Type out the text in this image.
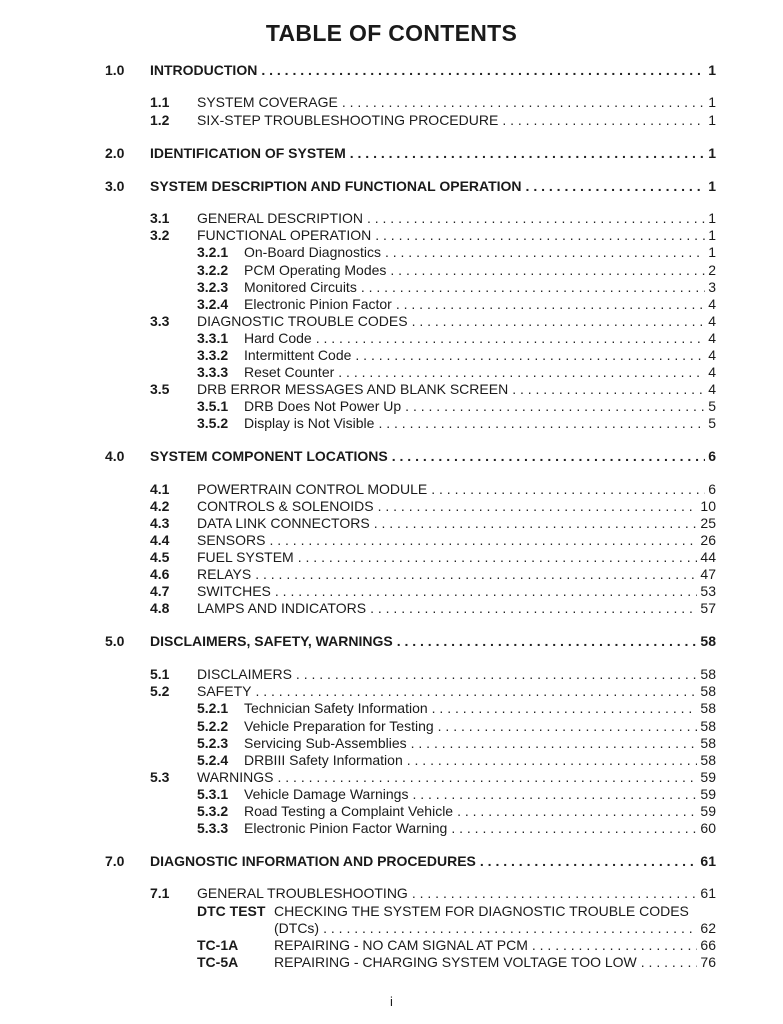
TABLE OF CONTENTS
1.0 INTRODUCTION . . .	1
1.1 SYSTEM COVERAGE . . .	1
1.2 SIX-STEP TROUBLESHOOTING PROCEDURE . . .	1
2.0 IDENTIFICATION OF SYSTEM . . .	1
3.0 SYSTEM DESCRIPTION AND FUNCTIONAL OPERATION . . .	1
3.1 GENERAL DESCRIPTION . . .	1
3.2 FUNCTIONAL OPERATION . . .	1
3.2.1 On-Board Diagnostics . . .	1
3.2.2 PCM Operating Modes . . .	2
3.2.3 Monitored Circuits . . .	3
3.2.4 Electronic Pinion Factor . . .	4
3.3 DIAGNOSTIC TROUBLE CODES . . .	4
3.3.1 Hard Code . . .	4
3.3.2 Intermittent Code . . .	4
3.3.3 Reset Counter . . .	4
3.5 DRB ERROR MESSAGES AND BLANK SCREEN . . .	4
3.5.1 DRB Does Not Power Up . . .	5
3.5.2 Display is Not Visible . . .	5
4.0 SYSTEM COMPONENT LOCATIONS . . .	6
4.1 POWERTRAIN CONTROL MODULE . . .	6
4.2 CONTROLS & SOLENOIDS . . .	10
4.3 DATA LINK CONNECTORS . . .	25
4.4 SENSORS . . .	26
4.5 FUEL SYSTEM . . .	44
4.6 RELAYS . . .	47
4.7 SWITCHES . . .	53
4.8 LAMPS AND INDICATORS . . .	57
5.0 DISCLAIMERS, SAFETY, WARNINGS . . .	58
5.1 DISCLAIMERS . . .	58
5.2 SAFETY . . .	58
5.2.1 Technician Safety Information . . .	58
5.2.2 Vehicle Preparation for Testing . . .	58
5.2.3 Servicing Sub-Assemblies . . .	58
5.2.4 DRBIII Safety Information . . .	58
5.3 WARNINGS . . .	59
5.3.1 Vehicle Damage Warnings . . .	59
5.3.2 Road Testing a Complaint Vehicle . . .	59
5.3.3 Electronic Pinion Factor Warning . . .	60
7.0 DIAGNOSTIC INFORMATION AND PROCEDURES . . .	61
7.1 GENERAL TROUBLESHOOTING . . .	61
DTC TEST CHECKING THE SYSTEM FOR DIAGNOSTIC TROUBLE CODES
(DTCs) . . .	62
TC-1A	REPAIRING - NO CAM SIGNAL AT PCM . . .	66
TC-5A	REPAIRING - CHARGING SYSTEM VOLTAGE TOO LOW . . .	76
i
